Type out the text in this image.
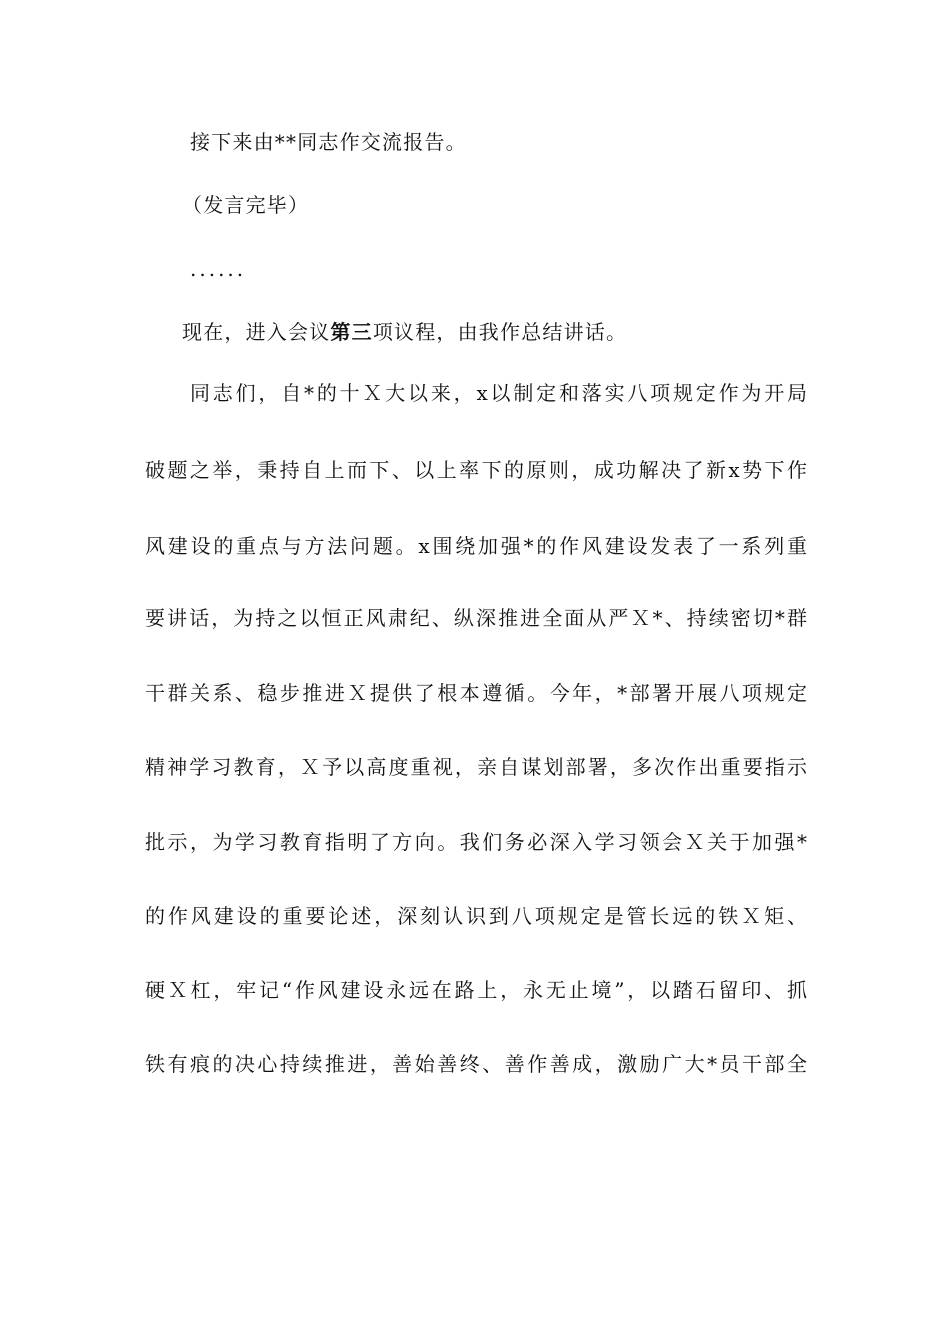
接下来由**同志作交流报告。
（发言完毕）
......
现在，进入会议第三项议程，由我作总结讲话。
同志们，自*的十Ｘ大以来，x以制定和落实八项规定作为开局
破题之举，秉持自上而下、以上率下的原则，成功解决了新x势下作
风建设的重点与方法问题。x围绕加强*的作风建设发表了一系列重
要讲话，为持之以恒正风肃纪、纵深推进全面从严Ｘ*、持续密切*群
干群关系、稳步推进Ｘ提供了根本遵循。今年，*部署开展八项规定
精神学习教育，Ｘ予以高度重视，亲自谋划部署，多次作出重要指示
批示，为学习教育指明了方向。我们务必深入学习领会Ｘ关于加强*
的作风建设的重要论述，深刻认识到八项规定是管长远的铁Ｘ矩、
硬Ｘ杠，牢记“作风建设永远在路上，永无止境”，以踏石留印、抓
铁有痕的决心持续推进，善始善终、善作善成，激励广大*员干部全
